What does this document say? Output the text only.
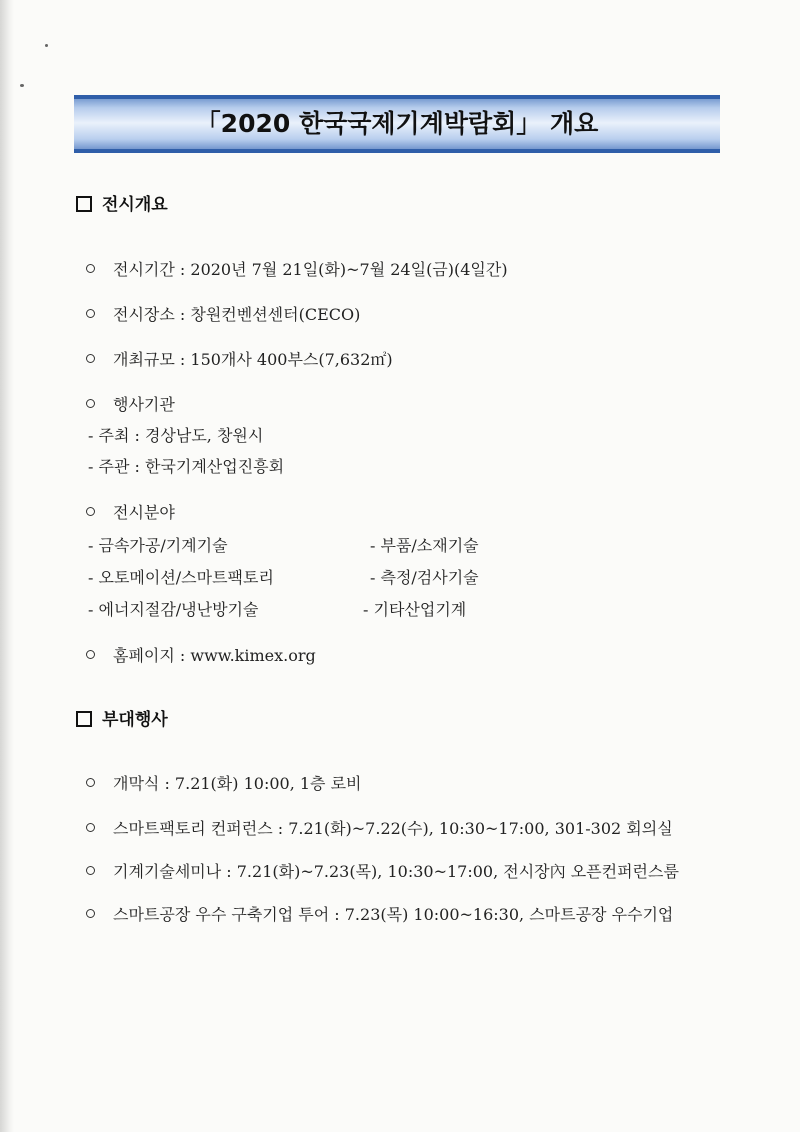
「2020 한국국제기계박람회」 개요
전시개요
전시기간 : 2020년 7월 21일(화)~7월 24일(금)(4일간)
전시장소 : 창원컨벤션센터(CECO)
개최규모 : 150개사 400부스(7,632㎡)
행사기관
- 주최 : 경상남도, 창원시
- 주관 : 한국기계산업진흥회
전시분야
- 금속가공/기계기술	- 부품/소재기술
- 오토메이션/스마트팩토리	- 측정/검사기술
- 에너지절감/냉난방기술	- 기타산업기계
홈페이지 : www.kimex.org
부대행사
개막식 : 7.21(화) 10:00, 1층 로비
스마트팩토리 컨퍼런스 : 7.21(화)~7.22(수), 10:30~17:00, 301-302 회의실
기계기술세미나 : 7.21(화)~7.23(목), 10:30~17:00, 전시장內 오픈컨퍼런스룸
스마트공장 우수 구축기업 투어 : 7.23(목) 10:00~16:30, 스마트공장 우수기업
